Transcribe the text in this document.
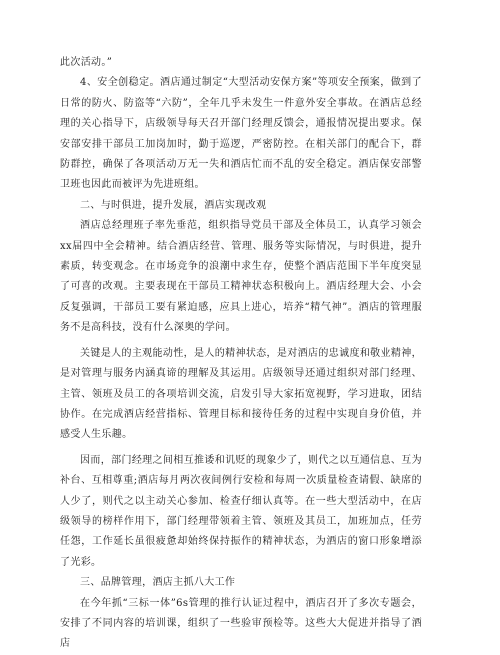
此次活动。”

4、安全创稳定。酒店通过制定“大型活动安保方案”等项安全预案，做到了日常的防火、防盗等“六防”，全年几乎未发生一件意外安全事故。在酒店总经理的关心指导下，店级领导每天召开部门经理反馈会，通报情况提出要求。保安部安排干部员工加岗加时，勤于巡逻，严密防控。在相关部门的配合下，群防群控，确保了各项活动万无一失和酒店忙而不乱的安全稳定。酒店保安部警卫班也因此而被评为先进班组。

二、与时俱进，提升发展，酒店实现改观

酒店总经理班子率先垂范，组织指导党员干部及全体员工，认真学习领会xx届四中全会精神。结合酒店经营、管理、服务等实际情况，与时俱进，提升素质，转变观念。在市场竞争的浪潮中求生存，使整个酒店范围下半年度突显了可喜的改观。主要表现在干部员工精神状态积极向上。酒店经理大会、小会反复强调，干部员工要有紧迫感，应具上进心，培养“精气神”。酒店的管理服务不是高科技，没有什么深奥的学问。

关键是人的主观能动性，是人的精神状态，是对酒店的忠诚度和敬业精神，是对管理与服务内涵真谛的理解及其运用。店级领导还通过组织对部门经理、主管、领班及员工的各项培训交流，启发引导大家拓宽视野，学习进取，团结协作。在完成酒店经营指标、管理目标和接待任务的过程中实现自身价值，并感受人生乐趣。

因而，部门经理之间相互推诿和讥贬的现象少了，则代之以互通信息、互为补台、互相尊重;酒店每月两次夜间例行安检和每周一次质量检查请假、缺席的人少了，则代之以主动关心参加、检查仔细认真等。在一些大型活动中，在店级领导的榜样作用下，部门经理带领着主管、领班及其员工，加班加点，任劳任怨，工作延长虽很疲惫却始终保持振作的精神状态，为酒店的窗口形象增添了光彩。

三、品牌管理，酒店主抓八大工作

在今年抓“三标一体”6s管理的推行认证过程中，酒店召开了多次专题会，安排了不同内容的培训课，组织了一些验审预检等。这些大大促进并指导了酒店
